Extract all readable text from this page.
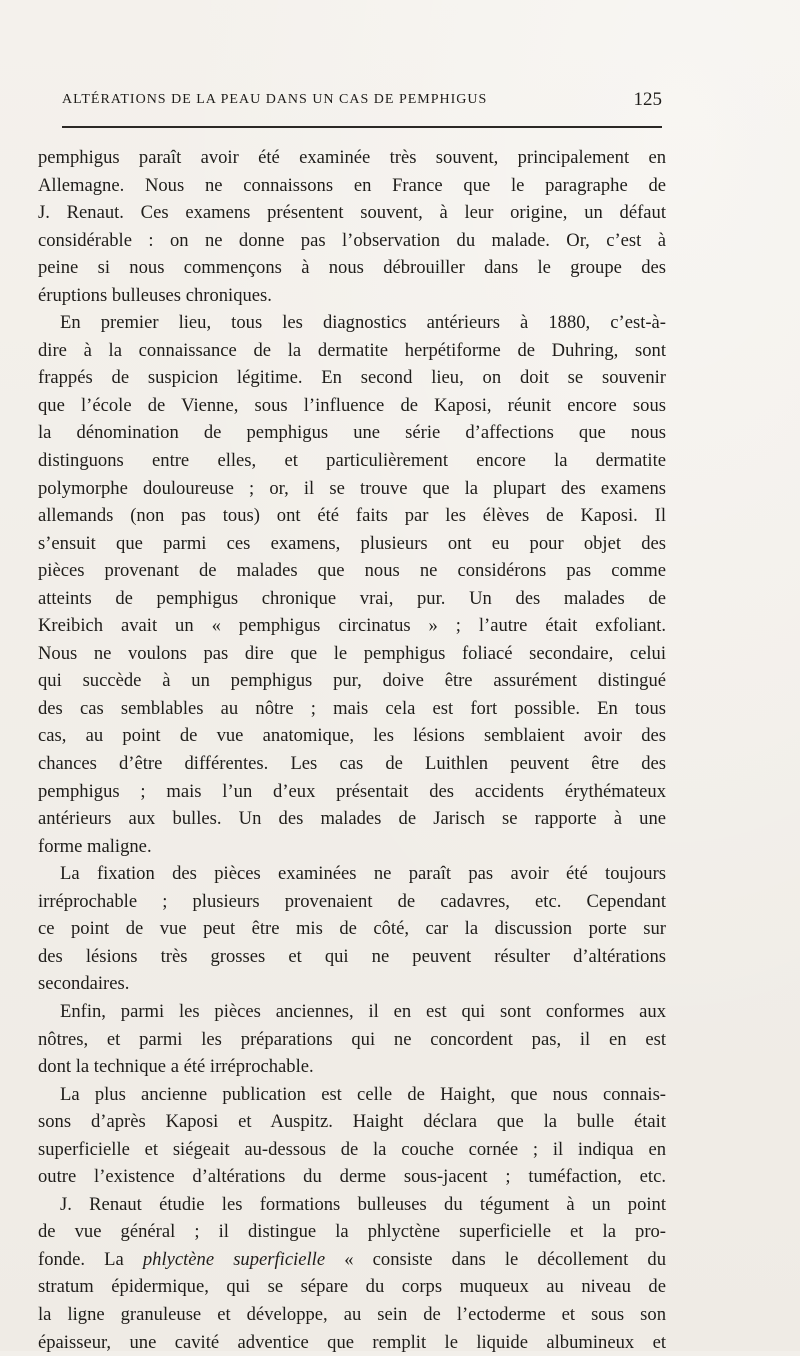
ALTÉRATIONS DE LA PEAU DANS UN CAS DE PEMPHIGUS	125
pemphigus paraît avoir été examinée très souvent, principalement en
Allemagne. Nous ne connaissons en France que le paragraphe de
J. Renaut. Ces examens présentent souvent, à leur origine, un défaut
considérable : on ne donne pas l’observation du malade. Or, c’est à
peine si nous commençons à nous débrouiller dans le groupe des
éruptions bulleuses chroniques.
En premier lieu, tous les diagnostics antérieurs à 1880, c’est-à-
dire à la connaissance de la dermatite herpétiforme de Duhring, sont
frappés de suspicion légitime. En second lieu, on doit se souvenir
que l’école de Vienne, sous l’influence de Kaposi, réunit encore sous
la dénomination de pemphigus une série d’affections que nous
distinguons entre elles, et particulièrement encore la dermatite
polymorphe douloureuse ; or, il se trouve que la plupart des examens
allemands (non pas tous) ont été faits par les élèves de Kaposi. Il
s’ensuit que parmi ces examens, plusieurs ont eu pour objet des
pièces provenant de malades que nous ne considérons pas comme
atteints de pemphigus chronique vrai, pur. Un des malades de
Kreibich avait un « pemphigus circinatus » ; l’autre était exfoliant.
Nous ne voulons pas dire que le pemphigus foliacé secondaire, celui
qui succède à un pemphigus pur, doive être assurément distingué
des cas semblables au nôtre ; mais cela est fort possible. En tous
cas, au point de vue anatomique, les lésions semblaient avoir des
chances d’être différentes. Les cas de Luithlen peuvent être des
pemphigus ; mais l’un d’eux présentait des accidents érythémateux
antérieurs aux bulles. Un des malades de Jarisch se rapporte à une
forme maligne.
La fixation des pièces examinées ne paraît pas avoir été toujours
irréprochable ; plusieurs provenaient de cadavres, etc. Cependant
ce point de vue peut être mis de côté, car la discussion porte sur
des lésions très grosses et qui ne peuvent résulter d’altérations
secondaires.
Enfin, parmi les pièces anciennes, il en est qui sont conformes aux
nôtres, et parmi les préparations qui ne concordent pas, il en est
dont la technique a été irréprochable.
La plus ancienne publication est celle de Haight, que nous connais-
sons d’après Kaposi et Auspitz. Haight déclara que la bulle était
superficielle et siégeait au-dessous de la couche cornée ; il indiqua en
outre l’existence d’altérations du derme sous-jacent ; tuméfaction, etc.
J. Renaut étudie les formations bulleuses du tégument à un point
de vue général ; il distingue la phlyctène superficielle et la pro-
fonde. La phlyctène superficielle « consiste dans le décollement du
stratum épidermique, qui se sépare du corps muqueux au niveau de
la ligne granuleuse et développe, au sein de l’ectoderme et sous son
épaisseur, une cavité adventice que remplit le liquide albumineux et
